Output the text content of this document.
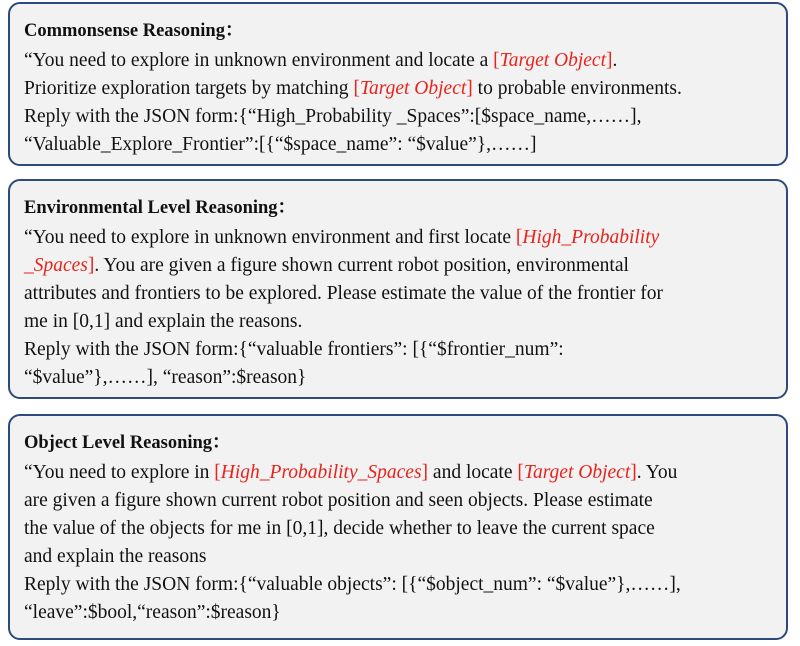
Commonsense Reasoning：
“You need to explore in unknown environment and locate a [Target Object].
Prioritize exploration targets by matching [Target Object] to probable environments.
Reply with the JSON form:{“High_Probability _Spaces”:[$space_name,……],
“Valuable_Explore_Frontier”:[{“$space_name”: “$value”},……]
Environmental Level Reasoning：
“You need to explore in unknown environment and first locate [High_Probability
_Spaces]. You are given a figure shown current robot position, environmental
attributes and frontiers to be explored. Please estimate the value of the frontier for
me in [0,1] and explain the reasons.
Reply with the JSON form:{“valuable frontiers”: [{“$frontier_num”:
“$value”},……], “reason”:$reason}
Object Level Reasoning：
“You need to explore in [High_Probability_Spaces] and locate [Target Object]. You
are given a figure shown current robot position and seen objects. Please estimate
the value of the objects for me in [0,1], decide whether to leave the current space
and explain the reasons
Reply with the JSON form:{“valuable objects”: [{“$object_num”: “$value”},……],
“leave”:$bool,“reason”:$reason}
